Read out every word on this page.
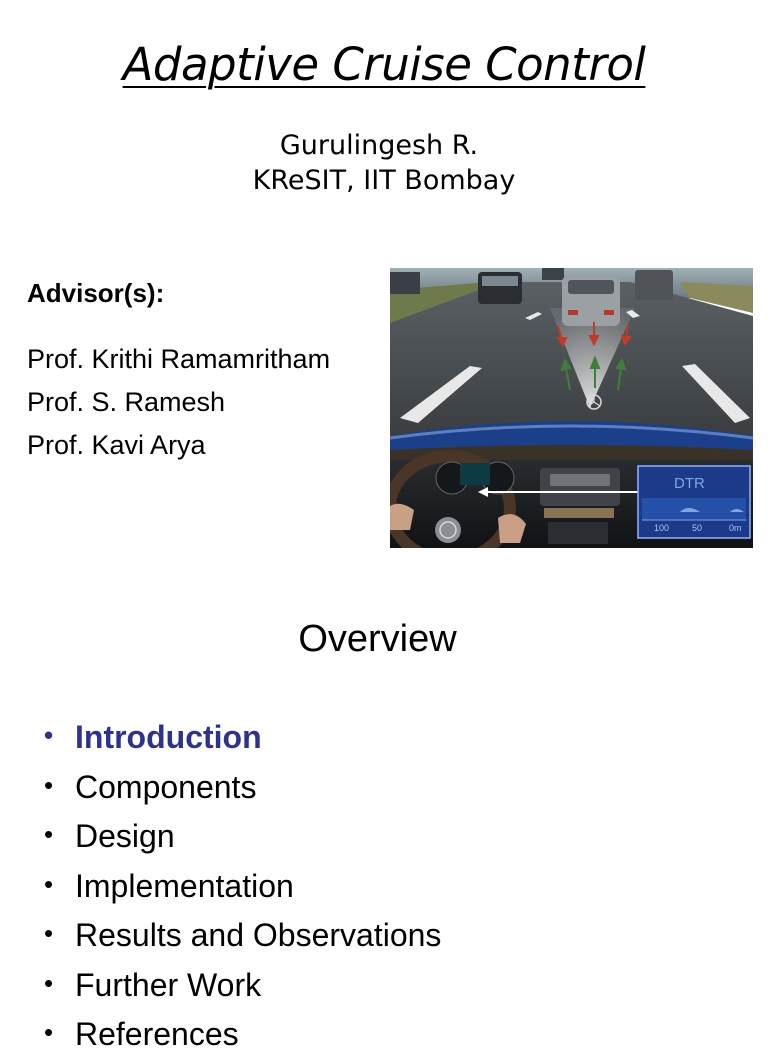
Adaptive Cruise Control
Gurulingesh R.
KReSIT, IIT Bombay
Advisor(s):
Prof. Krithi Ramamritham
Prof. S. Ramesh
Prof. Kavi Arya
DTR
100	50	0m
Overview
• Introduction
• Components
• Design
• Implementation
• Results and Observations
• Further Work
• References
